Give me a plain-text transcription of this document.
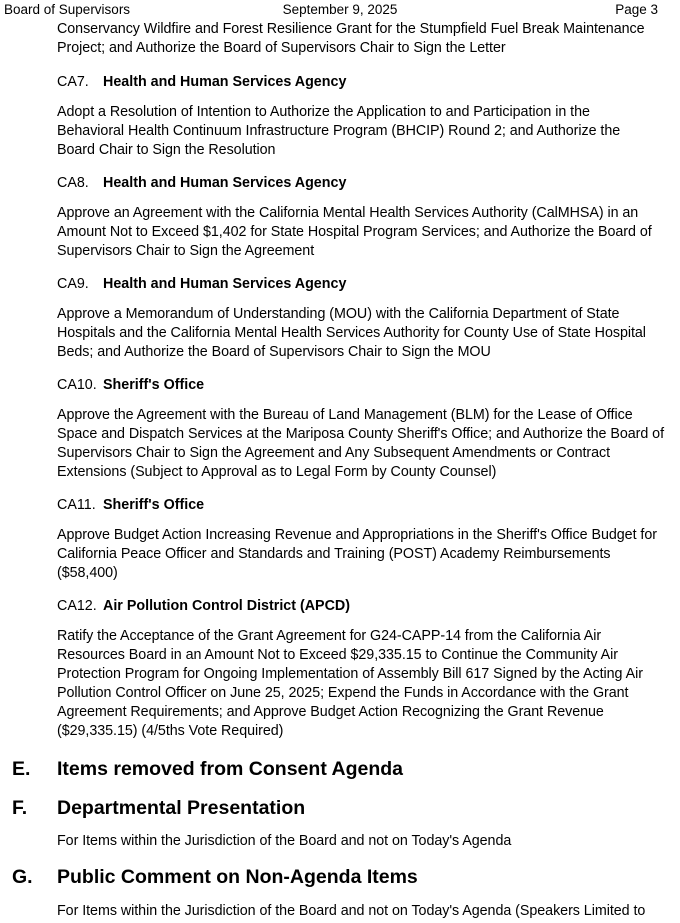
Board of Supervisors	September 9, 2025	Page 3
Conservancy Wildfire and Forest Resilience Grant for the Stumpfield Fuel Break Maintenance
Project; and Authorize the Board of Supervisors Chair to Sign the Letter
CA7. Health and Human Services Agency
Adopt a Resolution of Intention to Authorize the Application to and Participation in the
Behavioral Health Continuum Infrastructure Program (BHCIP) Round 2; and Authorize the
Board Chair to Sign the Resolution
CA8. Health and Human Services Agency
Approve an Agreement with the California Mental Health Services Authority (CalMHSA) in an
Amount Not to Exceed $1,402 for State Hospital Program Services; and Authorize the Board of
Supervisors Chair to Sign the Agreement
CA9. Health and Human Services Agency
Approve a Memorandum of Understanding (MOU) with the California Department of State
Hospitals and the California Mental Health Services Authority for County Use of State Hospital
Beds; and Authorize the Board of Supervisors Chair to Sign the MOU
CA10. Sheriff's Office
Approve the Agreement with the Bureau of Land Management (BLM) for the Lease of Office
Space and Dispatch Services at the Mariposa County Sheriff's Office; and Authorize the Board of
Supervisors Chair to Sign the Agreement and Any Subsequent Amendments or Contract
Extensions (Subject to Approval as to Legal Form by County Counsel)
CA11. Sheriff's Office
Approve Budget Action Increasing Revenue and Appropriations in the Sheriff's Office Budget for
California Peace Officer and Standards and Training (POST) Academy Reimbursements
($58,400)
CA12. Air Pollution Control District (APCD)
Ratify the Acceptance of the Grant Agreement for G24-CAPP-14 from the California Air
Resources Board in an Amount Not to Exceed $29,335.15 to Continue the Community Air
Protection Program for Ongoing Implementation of Assembly Bill 617 Signed by the Acting Air
Pollution Control Officer on June 25, 2025; Expend the Funds in Accordance with the Grant
Agreement Requirements; and Approve Budget Action Recognizing the Grant Revenue
($29,335.15) (4/5ths Vote Required)
E. Items removed from Consent Agenda
F. Departmental Presentation
For Items within the Jurisdiction of the Board and not on Today's Agenda
G. Public Comment on Non-Agenda Items
For Items within the Jurisdiction of the Board and not on Today's Agenda (Speakers Limited to
